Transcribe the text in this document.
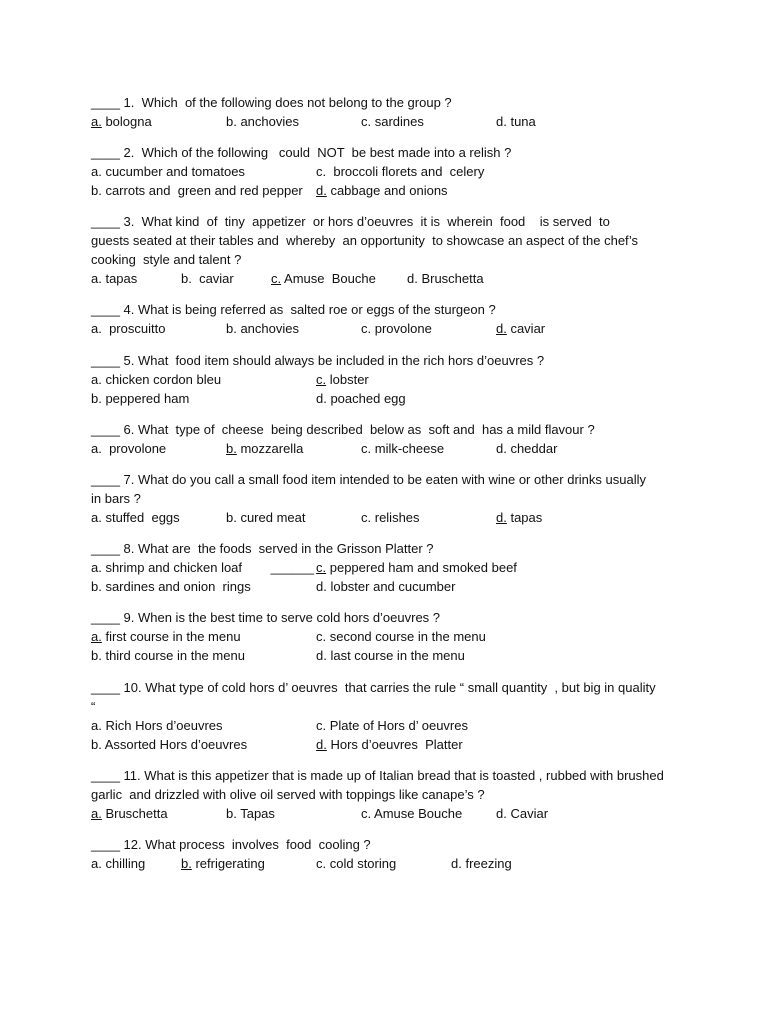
____ 1.  Which  of the following does not belong to the group ?
a. bologna	b. anchovies	c. sardines	d. tuna
____ 2.  Which of the following   could  NOT  be best made into a relish ?
a. cucumber and tomatoes	c.  broccoli florets and  celery
b. carrots and  green and red pepper d. cabbage and onions
____ 3.  What kind  of  tiny  appetizer  or hors d’oeuvres  it is  wherein  food    is served  to guests seated at their tables and  whereby  an opportunity  to showcase an aspect of the chef’s cooking  style and talent ?
a. tapas	b.  caviar	c. Amuse  Bouche d. Bruschetta
____ 4. What is being referred as  salted roe or eggs of the sturgeon ?
a.  proscuitto	b. anchovies	c. provolone	d. caviar
____ 5. What  food item should always be included in the rich hors d’oeuvres ?
a. chicken cordon bleu	c. lobster
b. peppered ham	d. poached egg
____ 6. What  type of  cheese  being described  below as  soft and  has a mild flavour ?
a.  provolone	b. mozzarella	c. milk-cheese	d. cheddar
____ 7. What do you call a small food item intended to be eaten with wine or other drinks usually in bars ?
a. stuffed  eggs	b. cured meat	c. relishes	d. tapas
____ 8. What are  the foods  served in the Grisson Platter ?
a. shrimp and chicken loaf ______ c. peppered ham and smoked beef
b. sardines and onion  rings	d. lobster and cucumber
____ 9. When is the best time to serve cold hors d’oeuvres ?
a. first course in the menu	c. second course in the menu
b. third course in the menu	d. last course in the menu
____ 10. What type of cold hors d’ oeuvres  that carries the rule “ small quantity  , but big in quality “
a. Rich Hors d’oeuvres	c. Plate of Hors d’ oeuvres
b. Assorted Hors d’oeuvres	d. Hors d’oeuvres  Platter
____ 11. What is this appetizer that is made up of Italian bread that is toasted , rubbed with brushed garlic  and drizzled with olive oil served with toppings like canape’s ?
a. Bruschetta	b. Tapas	c. Amuse Bouche	d. Caviar
____ 12. What process  involves  food  cooling ?
a. chilling	b. refrigerating	c. cold storing	d. freezing
